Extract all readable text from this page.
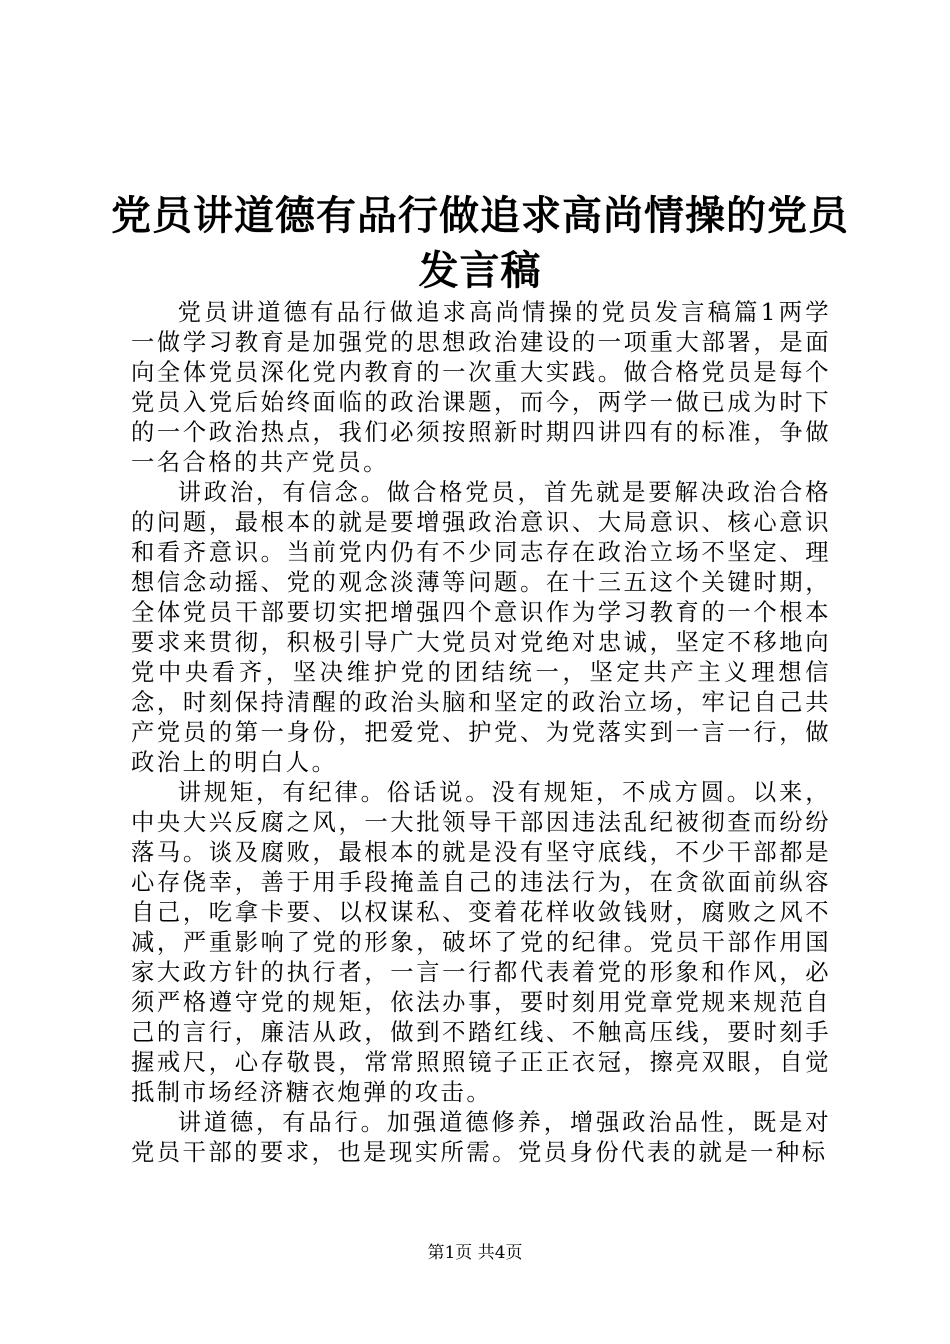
党员讲道德有品行做追求高尚情操的党员发言稿

党员讲道德有品行做追求高尚情操的党员发言稿篇1两学一做学习教育是加强党的思想政治建设的一项重大部署，是面向全体党员深化党内教育的一次重大实践。做合格党员是每个党员入党后始终面临的政治课题，而今，两学一做已成为时下的一个政治热点，我们必须按照新时期四讲四有的标准，争做一名合格的共产党员。

讲政治，有信念。做合格党员，首先就是要解决政治合格的问题，最根本的就是要增强政治意识、大局意识、核心意识和看齐意识。当前党内仍有不少同志存在政治立场不坚定、理想信念动摇、党的观念淡薄等问题。在十三五这个关键时期，全体党员干部要切实把增强四个意识作为学习教育的一个根本要求来贯彻，积极引导广大党员对党绝对忠诚，坚定不移地向党中央看齐，坚决维护党的团结统一，坚定共产主义理想信念，时刻保持清醒的政治头脑和坚定的政治立场，牢记自己共产党员的第一身份，把爱党、护党、为党落实到一言一行，做政治上的明白人。

讲规矩，有纪律。俗话说。没有规矩，不成方圆。以来，中央大兴反腐之风，一大批领导干部因违法乱纪被彻查而纷纷落马。谈及腐败，最根本的就是没有坚守底线，不少干部都是心存侥幸，善于用手段掩盖自己的违法行为，在贪欲面前纵容自己，吃拿卡要、以权谋私、变着花样收敛钱财，腐败之风不减，严重影响了党的形象，破坏了党的纪律。党员干部作用国家大政方针的执行者，一言一行都代表着党的形象和作风，必须严格遵守党的规矩，依法办事，要时刻用党章党规来规范自己的言行，廉洁从政，做到不踏红线、不触高压线，要时刻手握戒尺，心存敬畏，常常照照镜子正正衣冠，擦亮双眼，自觉抵制市场经济糖衣炮弹的攻击。

讲道德，有品行。加强道德修养，增强政治品性，既是对党员干部的要求，也是现实所需。党员身份代表的就是一种标

第1页 共4页
